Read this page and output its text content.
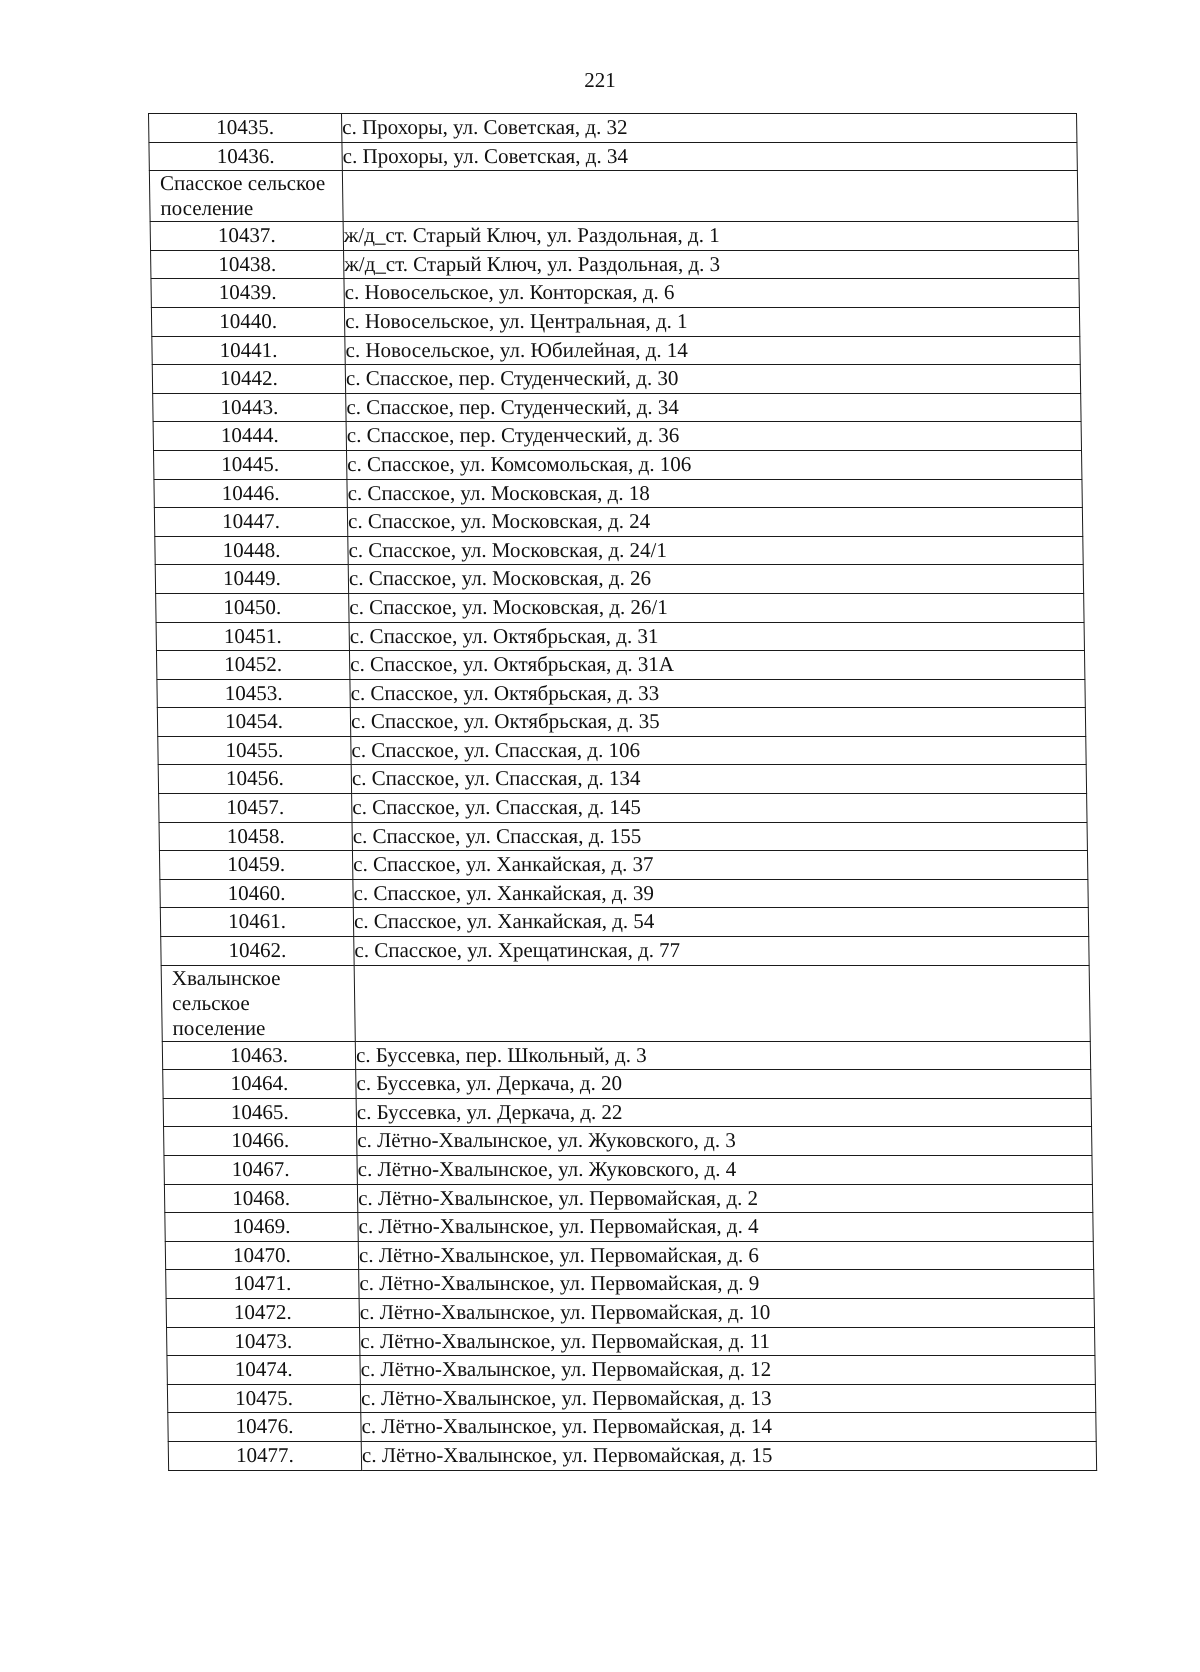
221
10435.	с. Прохоры, ул. Советская, д. 32
10436.	с. Прохоры, ул. Советская, д. 34

Спасское сельское
поселение	

10437.	ж/д_ст. Старый Ключ, ул. Раздольная, д. 1
10438.	ж/д_ст. Старый Ключ, ул. Раздольная, д. 3
10439.	с. Новосельское, ул. Конторская, д. 6
10440.	с. Новосельское, ул. Центральная, д. 1
10441.	с. Новосельское, ул. Юбилейная, д. 14
10442.	с. Спасское, пер. Студенческий, д. 30
10443.	с. Спасское, пер. Студенческий, д. 34
10444.	с. Спасское, пер. Студенческий, д. 36
10445.	с. Спасское, ул. Комсомольская, д. 106
10446.	с. Спасское, ул. Московская, д. 18
10447.	с. Спасское, ул. Московская, д. 24
10448.	с. Спасское, ул. Московская, д. 24/1
10449.	с. Спасское, ул. Московская, д. 26
10450.	с. Спасское, ул. Московская, д. 26/1
10451.	с. Спасское, ул. Октябрьская, д. 31
10452.	с. Спасское, ул. Октябрьская, д. 31А
10453.	с. Спасское, ул. Октябрьская, д. 33
10454.	с. Спасское, ул. Октябрьская, д. 35
10455.	с. Спасское, ул. Спасская, д. 106
10456.	с. Спасское, ул. Спасская, д. 134
10457.	с. Спасское, ул. Спасская, д. 145
10458.	с. Спасское, ул. Спасская, д. 155
10459.	с. Спасское, ул. Ханкайская, д. 37
10460.	с. Спасское, ул. Ханкайская, д. 39
10461.	с. Спасское, ул. Ханкайская, д. 54
10462.	с. Спасское, ул. Хрещатинская, д. 77

Хвалынское
сельское
поселение	

10463.	с. Буссевка, пер. Школьный, д. 3
10464.	с. Буссевка, ул. Деркача, д. 20
10465.	с. Буссевка, ул. Деркача, д. 22
10466.	с. Лётно-Хвалынское, ул. Жуковского, д. 3
10467.	с. Лётно-Хвалынское, ул. Жуковского, д. 4
10468.	с. Лётно-Хвалынское, ул. Первомайская, д. 2
10469.	с. Лётно-Хвалынское, ул. Первомайская, д. 4
10470.	с. Лётно-Хвалынское, ул. Первомайская, д. 6
10471.	с. Лётно-Хвалынское, ул. Первомайская, д. 9
10472.	с. Лётно-Хвалынское, ул. Первомайская, д. 10
10473.	с. Лётно-Хвалынское, ул. Первомайская, д. 11
10474.	с. Лётно-Хвалынское, ул. Первомайская, д. 12
10475.	с. Лётно-Хвалынское, ул. Первомайская, д. 13
10476.	с. Лётно-Хвалынское, ул. Первомайская, д. 14
10477.	с. Лётно-Хвалынское, ул. Первомайская, д. 15
